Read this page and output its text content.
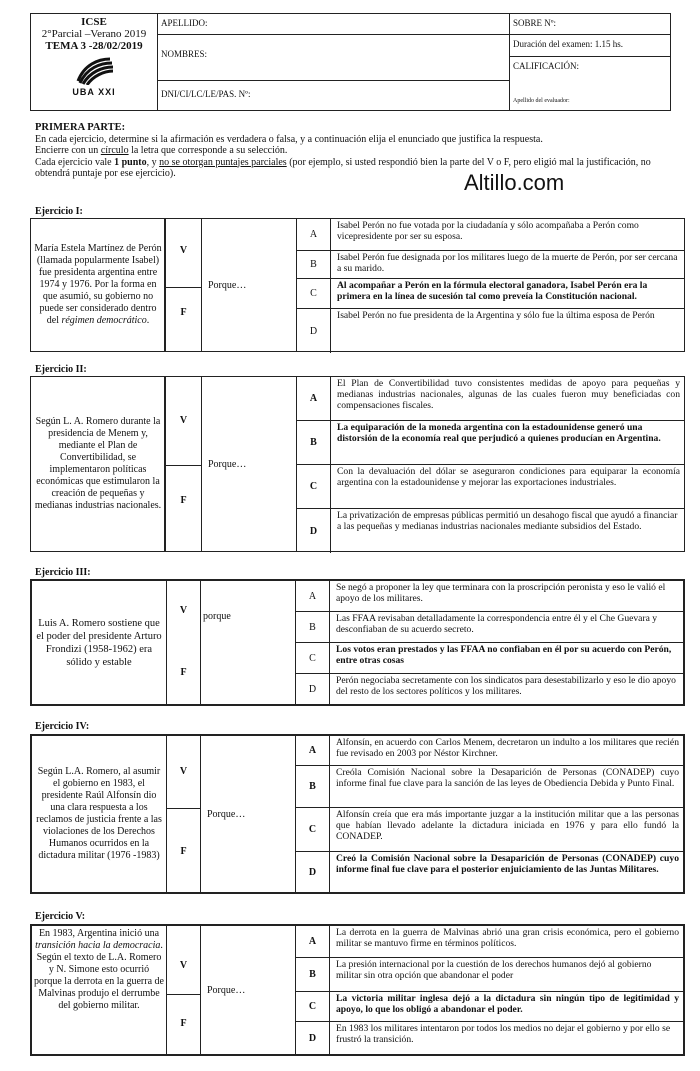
ICSE
2°Parcial –Verano 2019
TEMA 3 -28/02/2019
UBA XXI
APELLIDO:
NOMBRES:
DNI/CI/LC/LE/PAS. Nº:
SOBRE Nº:
Duración del examen: 1.15 hs.
CALIFICACIÓN:
Apellido del evaluador:
PRIMERA PARTE:
En cada ejercicio, determine si la afirmación es verdadera o falsa, y a continuación elija el enunciado que justifica la respuesta.
Encierre con un círculo la letra que corresponde a su selección.
Cada ejercicio vale 1 punto, y no se otorgan puntajes parciales (por ejemplo, si usted respondió bien la parte del V o F, pero eligió mal la justificación, no obtendrá puntaje por ese ejercicio).	Altillo.com
Ejercicio I:
María Estela Martínez de Perón (llamada popularmente Isabel) fue presidenta argentina entre 1974 y 1976. Por la forma en que asumió, su gobierno no puede ser considerado dentro del régimen democrático.
V
F
Porque…
A
Isabel Perón no fue votada por la ciudadanía y sólo acompañaba a Perón como vicepresidente por ser su esposa.
B
Isabel Perón fue designada por los militares luego de la muerte de Perón, por ser cercana a su marido.
C
Al acompañar a Perón en la fórmula electoral ganadora, Isabel Perón era la primera en la línea de sucesión tal como preveía la Constitución nacional.
D
Isabel Perón no fue presidenta de la Argentina y sólo fue la última esposa de Perón
Ejercicio II:
Según L. A. Romero durante la presidencia de Menem y, mediante el Plan de Convertibilidad, se implementaron políticas económicas que estimularon la creación de pequeñas y medianas industrias nacionales.
V
F
Porque…
A
El Plan de Convertibilidad tuvo consistentes medidas de apoyo para pequeñas y medianas industrias nacionales, algunas de las cuales fueron muy beneficiadas con compensaciones fiscales.
B
La equiparación de la moneda argentina con la estadounidense generó una distorsión de la economía real que perjudicó a quienes producían en Argentina.
C
Con la devaluación del dólar se aseguraron condiciones para equiparar la economía argentina con la estadounidense y mejorar las exportaciones industriales.
D
La privatización de empresas públicas permitió un desahogo fiscal que ayudó a financiar a las pequeñas y medianas industrias nacionales mediante subsidios del Estado.
Ejercicio III:
Luis A. Romero sostiene que el poder del presidente Arturo Frondizi (1958-1962) era sólido y estable
V
F
porque
A
Se negó a proponer la ley que terminara con la proscripción peronista y eso le valió el apoyo de los militares.
B
Las FFAA revisaban detalladamente la correspondencia entre él y el Che Guevara y desconfiaban de su acuerdo secreto.
C
Los votos eran prestados y las FFAA no confiaban en él por su acuerdo con Perón, entre otras cosas
D
Perón negociaba secretamente con los sindicatos para desestabilizarlo y eso le dio apoyo del resto de los sectores políticos y los militares.
Ejercicio IV:
Según L.A. Romero, al asumir el gobierno en 1983, el presidente Raúl Alfonsín dio una clara respuesta a los reclamos de justicia frente a las violaciones de los Derechos Humanos ocurridos en la dictadura militar (1976 -1983)
V
F
Porque…
A
Alfonsín, en acuerdo con Carlos Menem, decretaron un indulto a los militares que recién fue revisado en 2003 por Néstor Kirchner.
B
Creóla Comisión Nacional sobre la Desaparición de Personas (CONADEP) cuyo informe final fue clave para la sanción de las leyes de Obediencia Debida y Punto Final.
C
Alfonsín creía que era más importante juzgar a la institución militar que a las personas que habían llevado adelante la dictadura iniciada en 1976 y para ello fundó la CONADEP.
D
Creó la Comisión Nacional sobre la Desaparición de Personas (CONADEP) cuyo informe final fue clave para el posterior enjuiciamiento de las Juntas Militares.
Ejercicio V:
En 1983, Argentina inició una transición hacia la democracia. Según el texto de L.A. Romero y N. Simone esto ocurrió porque la derrota en la guerra de Malvinas produjo el derrumbe del gobierno militar.
V
F
Porque…
A
La derrota en la guerra de Malvinas abrió una gran crisis económica, pero el gobierno militar se mantuvo firme en términos políticos.
B
La presión internacional por la cuestión de los derechos humanos dejó al gobierno militar sin otra opción que abandonar el poder
C
La victoria militar inglesa dejó a la dictadura sin ningún tipo de legitimidad y apoyo, lo que los obligó a abandonar el poder.
D
En 1983 los militares intentaron por todos los medios no dejar el gobierno y por ello se frustró la transición.
